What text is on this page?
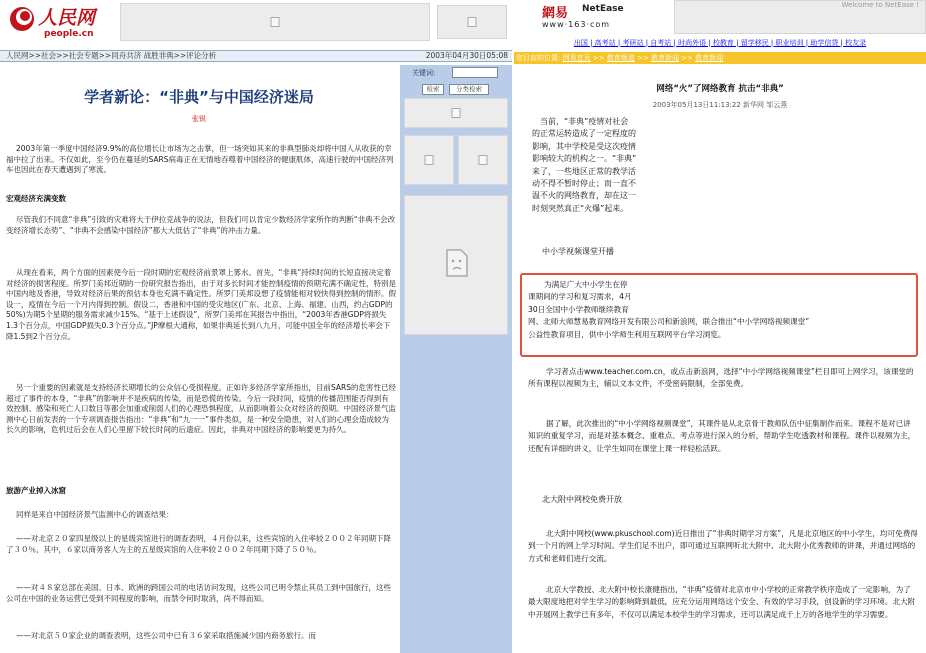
人民网
people.cn
人民网>>社会>>社会专题>>同舟共济 战胜非典>>评论分析	2003年04月30日05:08
关键词:
检索	分类检索
学者新论：“非典”与中国经济迷局
张锐
2003年第一季度中国经济9.9%的高位增长让市场为之击掌，但一场突如其来的非典型肺炎却将中国人从收获的幸福中拉了出来。不仅如此，至今仍在蔓延的SARS病毒正在无情地吞噬着中国经济的健康肌体，高速行驶的中国经济列车也因此在春天遭遇到了寒流。
宏观经济充满变数
尽管我们不同意“非典”引致的灾难将大于伊拉克战争的说法，但我们可以肯定少数经济学家所作的判断“非典不会改变经济增长态势”、“非典不会感染中国经济”都大大低估了“非典”的冲击力量。
从现在看来，两个方面的因素使今后一段时期的宏观经济前景罩上雾水。首先，“非典”持续时间的长短直接决定着对经济的损害程度。所罗门美邦近期的一份研究报告指出，由于对多长时间才能控制疫情的预期充满不确定性，特别是中国内地及香港，导致对经济后果的预估本身也充满不确定性。所罗门美邦设想了疫情能相对较快得到控制的情形。假设一，疫情在今后一个月内得到控制。假设二，香港和中国的受灾地区(广东、北京、上海、福建、山西，约占GDP的50%)为期5个星期的服务需求减少15%。“基于上述假设”，所罗门美邦在其报告中指出，“2003年香港GDP将损失1.3个百分点，中国GDP损失0.3个百分点。”JP摩根大通称，如果非典延长到八九月，可能中国全年的经济增长率会下降1.5到2个百分点。
另一个重要的因素就是支持经济长期增长的公众信心受损程度。正如许多经济学家所指出，目前SARS的危害性已经超过了事件的本身，“非典”的影响并不是疾病的传染，而是恐慌的传染。今后一段时间，疫情的传播范围能否得到有效控制、感染和死亡人口数目等都会加重或削弱人们的心理恐惧程度，从而影响着公众对经济的预期。中国经济景气监测中心日前发表的一个专项调查报告指出：“非典”和“九一一”事件类似，是一种安全隐患，对人们的心理会造成较为长久的影响，危机过后会在人们心里留下较长时间的后遗症。因此，非典对中国经济的影响要更为持久。
旅游产业掉入冰窟
同样是来自中国经济景气监测中心的调查结果：
——对北京２０家四星级以上的星级宾馆进行的调查表明，４月份以来，这些宾馆的入住率较２００２年同期下降了３０％，其中，６家以商务客人为主的五星级宾馆的入住率较２００２年同期下降了５０％。
——对４８家总部在美国、日本、欧洲的跨国公司的电话访问发现，这些公司已明令禁止其员工到中国旅行，这些公司在中国的业务运营已受到不同程度的影响，而禁令何时取消，尚不得而知。
——对北京５０家企业的调查表明，这些公司中已有３６家采取措施减少国内商务旅行。而
網易 NetEase
www·163·com
Welcome to NetEase !
出国 | 高考站 | 考研站 | 自考站 | 时尚外语 | 校教育 | 留学移民 | 职业培训 | 助学信贷 | 校友录
您目前的位置: 网易首页 >> 教育频道 >> 教育新闻 >> 教育新闻
网络“火”了网络教育 抗击“非典”
2003年05月13日11:13:22 新华网 邹云燕
当前，“非典”疫情对社会
的正常运转造成了一定程度的
影响，其中学校是受这次疫情
影响较大的机构之一。“非典”
来了，一些地区正常的教学活
动不得不暂时停止；而一直不
温不火的网络教育，却在这一
时刻突然真正“火爆”起来。
中小学视频课堂开播
为满足广大中小学生在停
课期间的学习和复习需求，4月
30日全国中小学教师继续教育
网、北师大师慧易教育网络开发有限公司和新浪网，联合推出“中小学网络视频课堂”
公益性教育项目，供中小学师生利用互联网平台学习浏览。
学习者点击www.teacher.com.cn，或点击新浪网，选择“中小学网络视频课堂”栏目即可上网学习，该课堂的所有课程以视频为主，辅以文本文件，不受密码限制，全部免费。
据了解，此次推出的“中小学网络视频课堂”，其课件是从北京骨干教师队伍中征集制作而来。课程不是对已讲知识的重复学习，而是对基本概念、重难点、考点等进行深入的分析，帮助学生吃透教材和课程。课件以视频为主，还配有详细的讲义，让学生如同在课堂上课一样轻松活跃。
北大附中网校免费开放
北大附中网校(www.pkuschool.com)近日推出了“非典时期学习方案”，凡是北京地区的中小学生，均可免费得到一个月的网上学习时间。学生们足不出户，即可通过互联网听北大附中、北大附小优秀教师的讲课，并通过网络的方式和老师们进行交流。
北京大学教授、北大附中校长康健指出，“非典”疫情对北京市中小学校的正常教学秩序造成了一定影响，为了最大限度地把对学生学习的影响降到最低，应充分运用网络这个安全、有效的学习手段，创设新的学习环境。北大附中开展网上教学已有多年，不仅可以满足本校学生的学习需求，还可以满足成千上万的各地学生的学习需要。
